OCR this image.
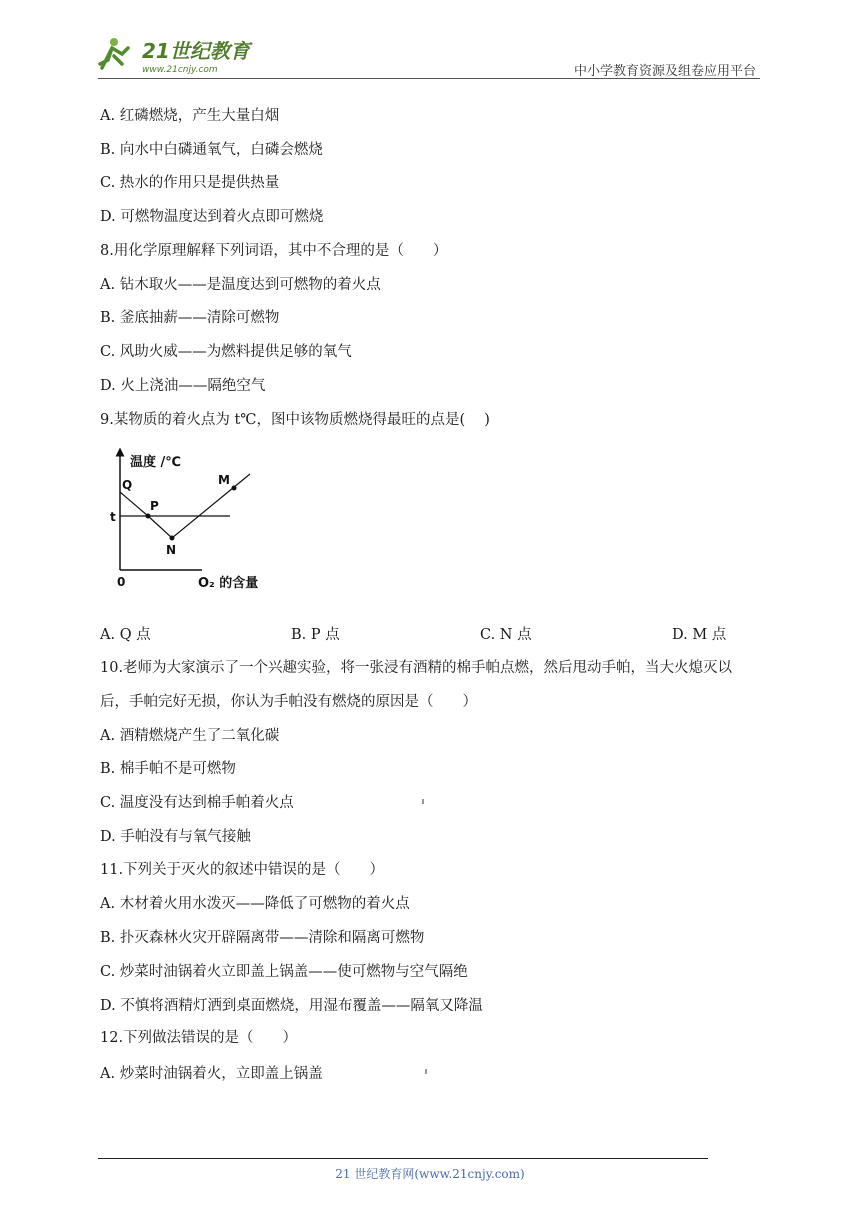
21世纪教育
www.21cnjy.com	中小学教育资源及组卷应用平台
A. 红磷燃烧，产生大量白烟
B. 向水中白磷通氧气，白磷会燃烧
C. 热水的作用只是提供热量
D. 可燃物温度达到着火点即可燃烧
8.用化学原理解释下列词语，其中不合理的是（　　）
A. 钻木取火——是温度达到可燃物的着火点
B. 釜底抽薪——清除可燃物
C. 风助火威——为燃料提供足够的氧气
D. 火上浇油——隔绝空气
9.某物质的着火点为 t℃，图中该物质燃烧得最旺的点是(　 )
温度 /℃
Q
P
N
M
t
0	O₂ 的含量
A. Q 点	B. P 点	C. N 点	D. M 点
10.老师为大家演示了一个兴趣实验，将一张浸有酒精的棉手帕点燃，然后甩动手帕，当大火熄灭以
后，手帕完好无损，你认为手帕没有燃烧的原因是（　　）
A. 酒精燃烧产生了二氧化碳
B. 棉手帕不是可燃物
C. 温度没有达到棉手帕着火点
D. 手帕没有与氧气接触
11.下列关于灭火的叙述中错误的是（　　）
A. 木材着火用水泼灭——降低了可燃物的着火点
B. 扑灭森林火灾开辟隔离带——清除和隔离可燃物
C. 炒菜时油锅着火立即盖上锅盖——使可燃物与空气隔绝
D. 不慎将酒精灯洒到桌面燃烧，用湿布覆盖——隔氧又降温
12.下列做法错误的是（　　）
A. 炒菜时油锅着火，立即盖上锅盖
21 世纪教育网(www.21cnjy.com)
